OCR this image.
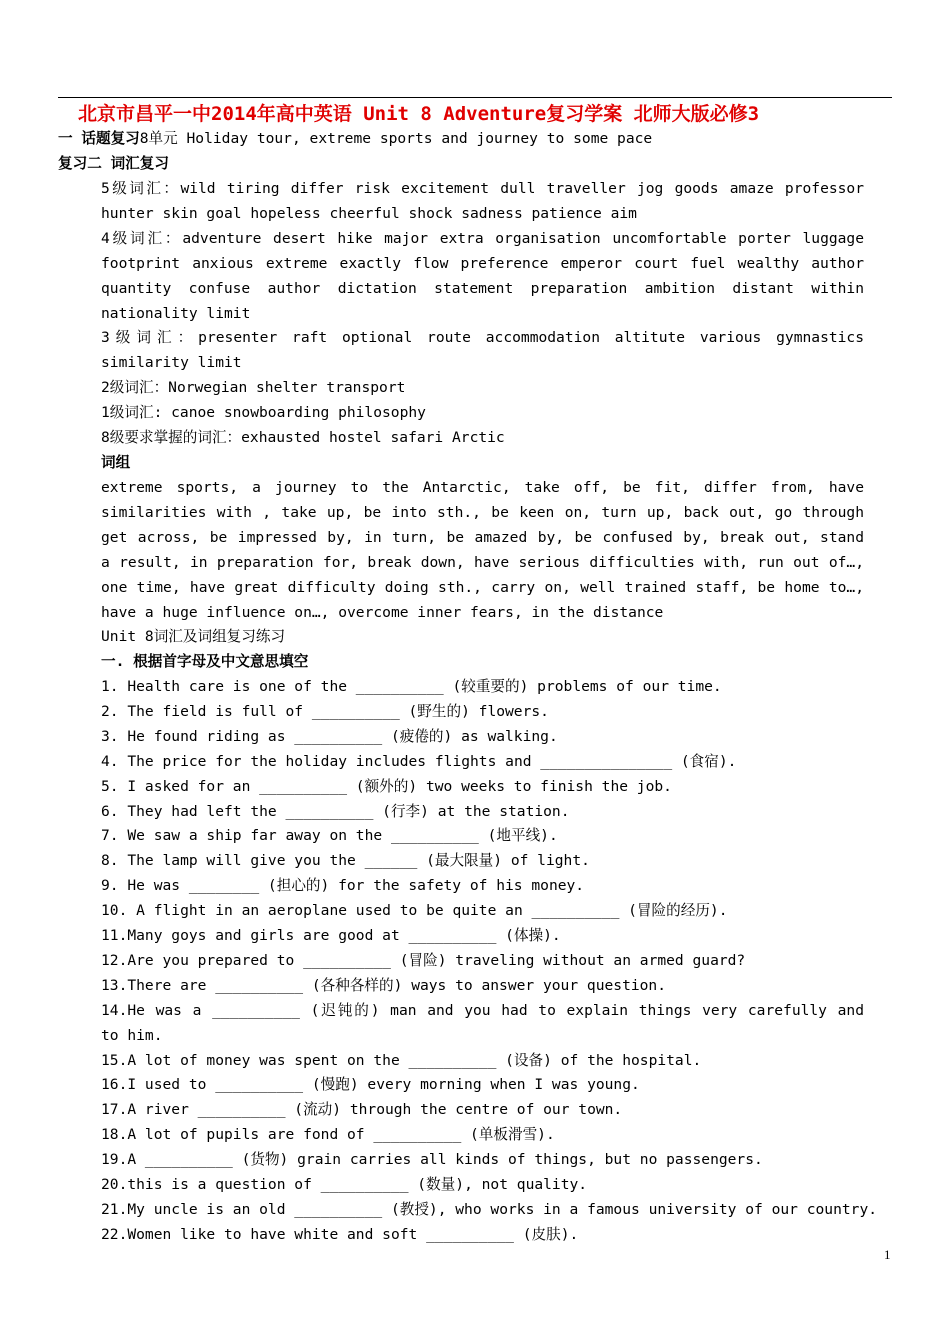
北京市昌平一中2014年高中英语 Unit 8 Adventure复习学案 北师大版必修3
一 话题复习8单元 Holiday tour, extreme sports and journey to some pace
复习二 词汇复习
5级词汇：wild tiring differ risk excitement dull traveller jog goods amaze professor
hunter skin goal hopeless cheerful shock sadness patience aim
4级词汇：adventure desert hike major extra organisation uncomfortable porter luggage
footprint anxious extreme exactly flow preference emperor court fuel wealthy author
quantity confuse author dictation statement preparation ambition distant within
nationality limit
3级词汇：presenter raft optional route accommodation altitute various gymnastics
similarity limit
2级词汇：Norwegian shelter transport
1级词汇: canoe snowboarding philosophy
8级要求掌握的词汇：exhausted hostel safari Arctic
词组
extreme sports, a journey to the Antarctic, take off, be fit, differ from, have
similarities with , take up, be into sth., be keen on, turn up, back out, go through
get across, be impressed by, in turn, be amazed by, be confused by, break out, stand
a result, in preparation for, break down, have serious difficulties with, run out of…,
one time, have great difficulty doing sth., carry on, well trained staff, be home to…,
have a huge influence on…, overcome inner fears, in the distance
Unit 8词汇及词组复习练习
一. 根据首字母及中文意思填空
1. Health care is one of the __________ (较重要的) problems of our time.
2. The field is full of __________ (野生的) flowers.
3. He found riding as __________ (疲倦的) as walking.
4. The price for the holiday includes flights and _______________ (食宿).
5. I asked for an __________ (额外的) two weeks to finish the job.
6. They had left the __________ (行李) at the station.
7. We saw a ship far away on the __________ (地平线).
8. The lamp will give you the ______ (最大限量) of light.
9. He was ________ (担心的) for the safety of his money.
10. A flight in an aeroplane used to be quite an __________ (冒险的经历).
11.Many goys and girls are good at __________ (体操).
12.Are you prepared to __________ (冒险) traveling without an armed guard?
13.There are __________ (各种各样的) ways to answer your question.
14.He was a __________ (迟钝的) man and you had to explain things very carefully and
to him.
15.A lot of money was spent on the __________ (设备) of the hospital.
16.I used to __________ (慢跑) every morning when I was young.
17.A river __________ (流动) through the centre of our town.
18.A lot of pupils are fond of __________ (单板滑雪).
19.A __________ (货物) grain carries all kinds of things, but no passengers.
20.this is a question of __________ (数量), not quality.
21.My uncle is an old __________ (教授), who works in a famous university of our country.
22.Women like to have white and soft __________ (皮肤).
1
